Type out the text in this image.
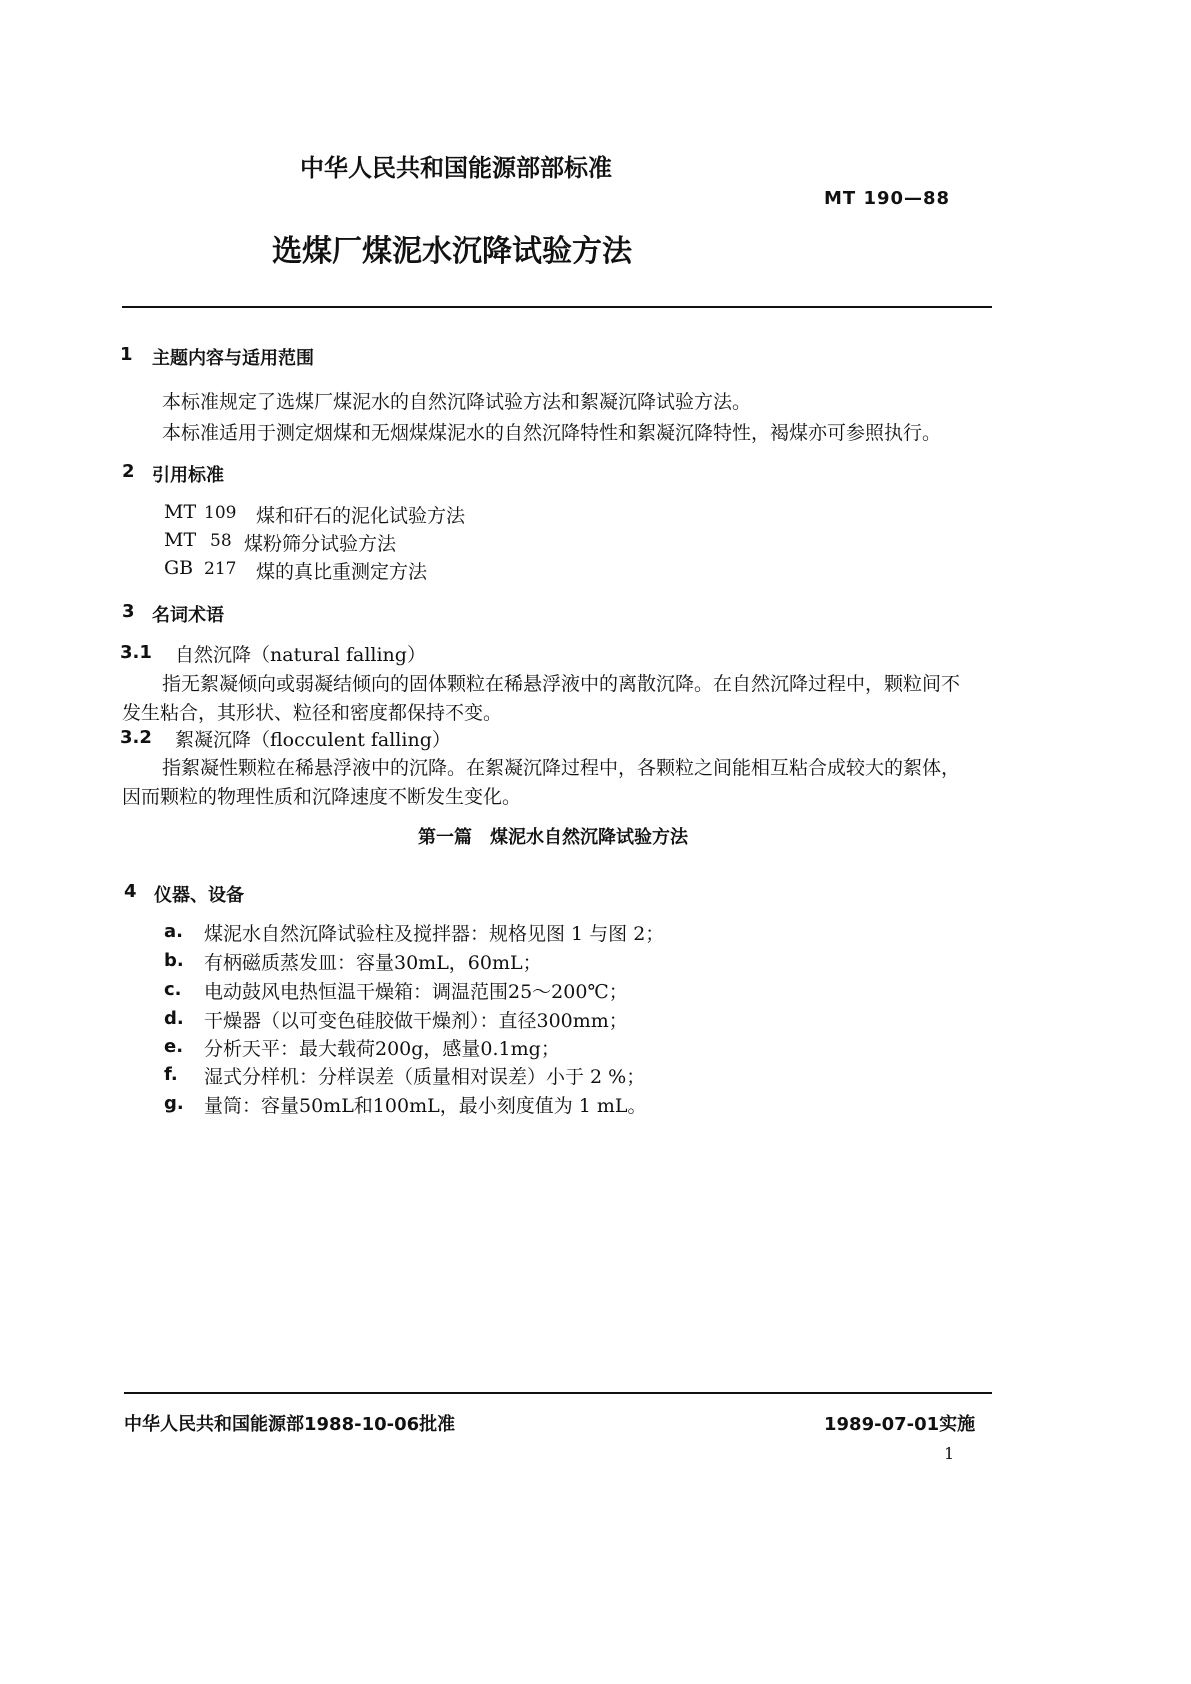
中华人民共和国能源部部标准
MT 190—88
选煤厂煤泥水沉降试验方法
1 主题内容与适用范围
本标准规定了选煤厂煤泥水的自然沉降试验方法和絮凝沉降试验方法。
本标准适用于测定烟煤和无烟煤煤泥水的自然沉降特性和絮凝沉降特性，褐煤亦可参照执行。
2 引用标准
MT 109 煤和矸石的泥化试验方法
MT 58 煤粉筛分试验方法
GB 217 煤的真比重测定方法
3 名词术语
3.1 自然沉降（natural falling）
指无絮凝倾向或弱凝结倾向的固体颗粒在稀悬浮液中的离散沉降。在自然沉降过程中，颗粒间不
发生粘合，其形状、粒径和密度都保持不变。
3.2 絮凝沉降（flocculent falling）
指絮凝性颗粒在稀悬浮液中的沉降。在絮凝沉降过程中，各颗粒之间能相互粘合成较大的絮体，
因而颗粒的物理性质和沉降速度不断发生变化。
第一篇　煤泥水自然沉降试验方法
4 仪器、设备
a. 煤泥水自然沉降试验柱及搅拌器：规格见图 1 与图 2；
b. 有柄磁质蒸发皿：容量30mL，60mL；
c. 电动鼓风电热恒温干燥箱：调温范围25～200℃；
d. 干燥器（以可变色硅胶做干燥剂）：直径300mm；
e. 分析天平：最大载荷200g，感量0.1mg；
f. 湿式分样机：分样误差（质量相对误差）小于 2 %；
g. 量筒：容量50mL和100mL，最小刻度值为 1 mL。
中华人民共和国能源部1988-10-06批准	1989-07-01实施
1
